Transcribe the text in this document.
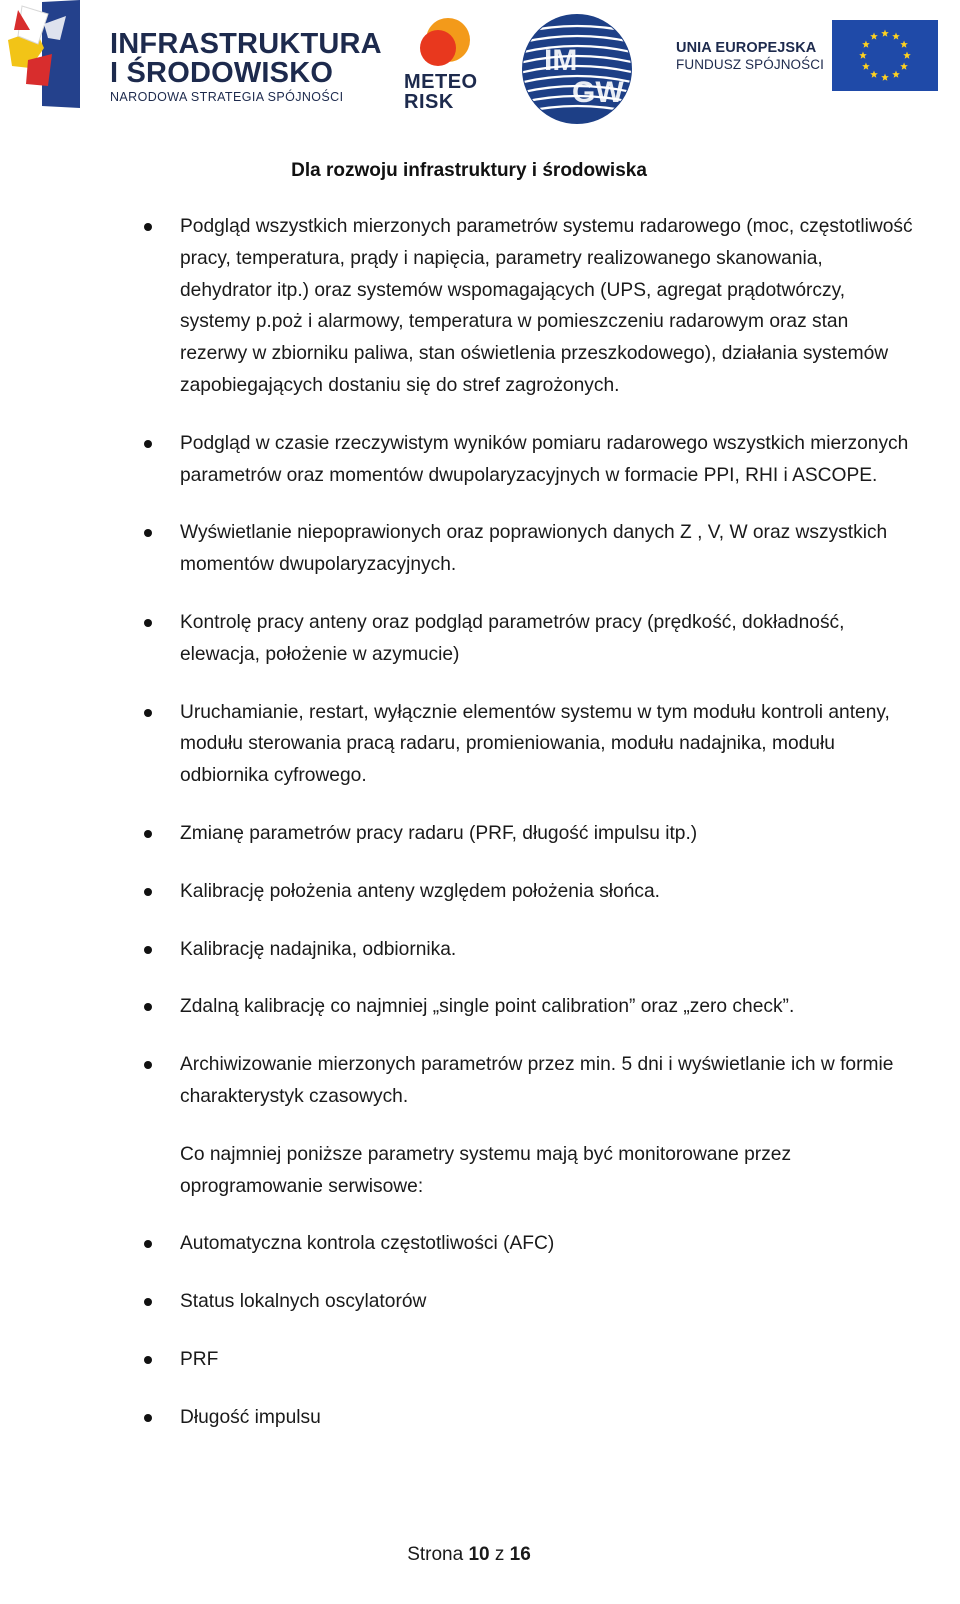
INFRASTRUKTURA
I ŚRODOWISKO
NARODOWA STRATEGIA SPÓJNOŚCI
METEO
RISK
IM
GW
UNIA EUROPEJSKA
FUNDUSZ SPÓJNOŚCI
Dla rozwoju infrastruktury i środowiska
Podgląd wszystkich mierzonych parametrów systemu radarowego (moc, częstotliwość pracy, temperatura, prądy i napięcia, parametry realizowanego skanowania, dehydrator itp.) oraz systemów wspomagających (UPS, agregat prądotwórczy, systemy p.poż i alarmowy, temperatura w pomieszczeniu radarowym oraz stan rezerwy w zbiorniku paliwa, stan oświetlenia przeszkodowego), działania systemów zapobiegających dostaniu się do stref zagrożonych.
Podgląd w czasie rzeczywistym wyników pomiaru radarowego wszystkich mierzonych parametrów oraz momentów dwupolaryzacyjnych w formacie PPI, RHI i ASCOPE.
Wyświetlanie niepoprawionych oraz poprawionych danych Z , V, W oraz wszystkich momentów dwupolaryzacyjnych.
Kontrolę pracy anteny oraz podgląd parametrów pracy (prędkość, dokładność, elewacja, położenie w azymucie)
Uruchamianie, restart, wyłącznie elementów systemu w tym modułu kontroli anteny, modułu sterowania pracą radaru, promieniowania, modułu nadajnika, modułu odbiornika cyfrowego.
Zmianę parametrów pracy radaru (PRF, długość impulsu itp.)
Kalibrację położenia anteny względem położenia słońca.
Kalibrację nadajnika, odbiornika.
Zdalną kalibrację co najmniej „single point calibration” oraz „zero check”.
Archiwizowanie mierzonych parametrów przez min. 5 dni i wyświetlanie ich w formie charakterystyk czasowych.
Co najmniej poniższe parametry systemu mają być monitorowane przez oprogramowanie serwisowe:
Automatyczna kontrola częstotliwości (AFC)
Status lokalnych oscylatorów
PRF
Długość impulsu
Strona 10 z 16
